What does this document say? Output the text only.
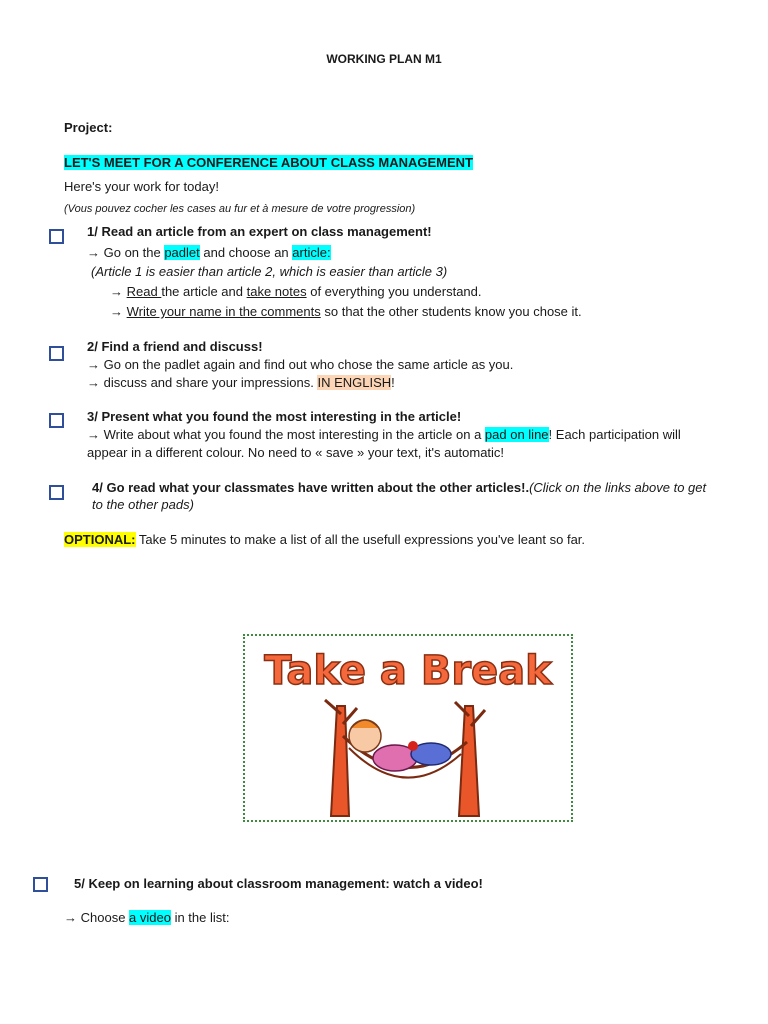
WORKING PLAN M1
Project:
LET'S MEET FOR A CONFERENCE ABOUT CLASS MANAGEMENT
Here's your work for today!
(Vous pouvez cocher les cases au fur et à mesure de votre progression)
1/ Read an article from an expert on class management!
→ Go on the padlet and choose an article:
(Article 1 is easier than article 2, which is easier than article 3)
→ Read the article and take notes of everything you understand.
→ Write your name in the comments so that the other students know you chose it.
2/ Find a friend and discuss!
→ Go on the padlet again and find out who chose the same article as you.
→ discuss and share your impressions. IN ENGLISH!
3/ Present what you found the most interesting in the article!
→ Write about what you found the most interesting in the article on a pad on line! Each participation will
appear in a different colour. No need to « save » your text, it's automatic!
4/ Go read what your classmates have written about the other articles!.(Click on the links above to get
to the other pads)
OPTIONAL: Take 5 minutes to make a list of all the usefull expressions you've leant so far.
Take a Break
5/ Keep on learning about classroom management: watch a video!
→ Choose a video in the list:
